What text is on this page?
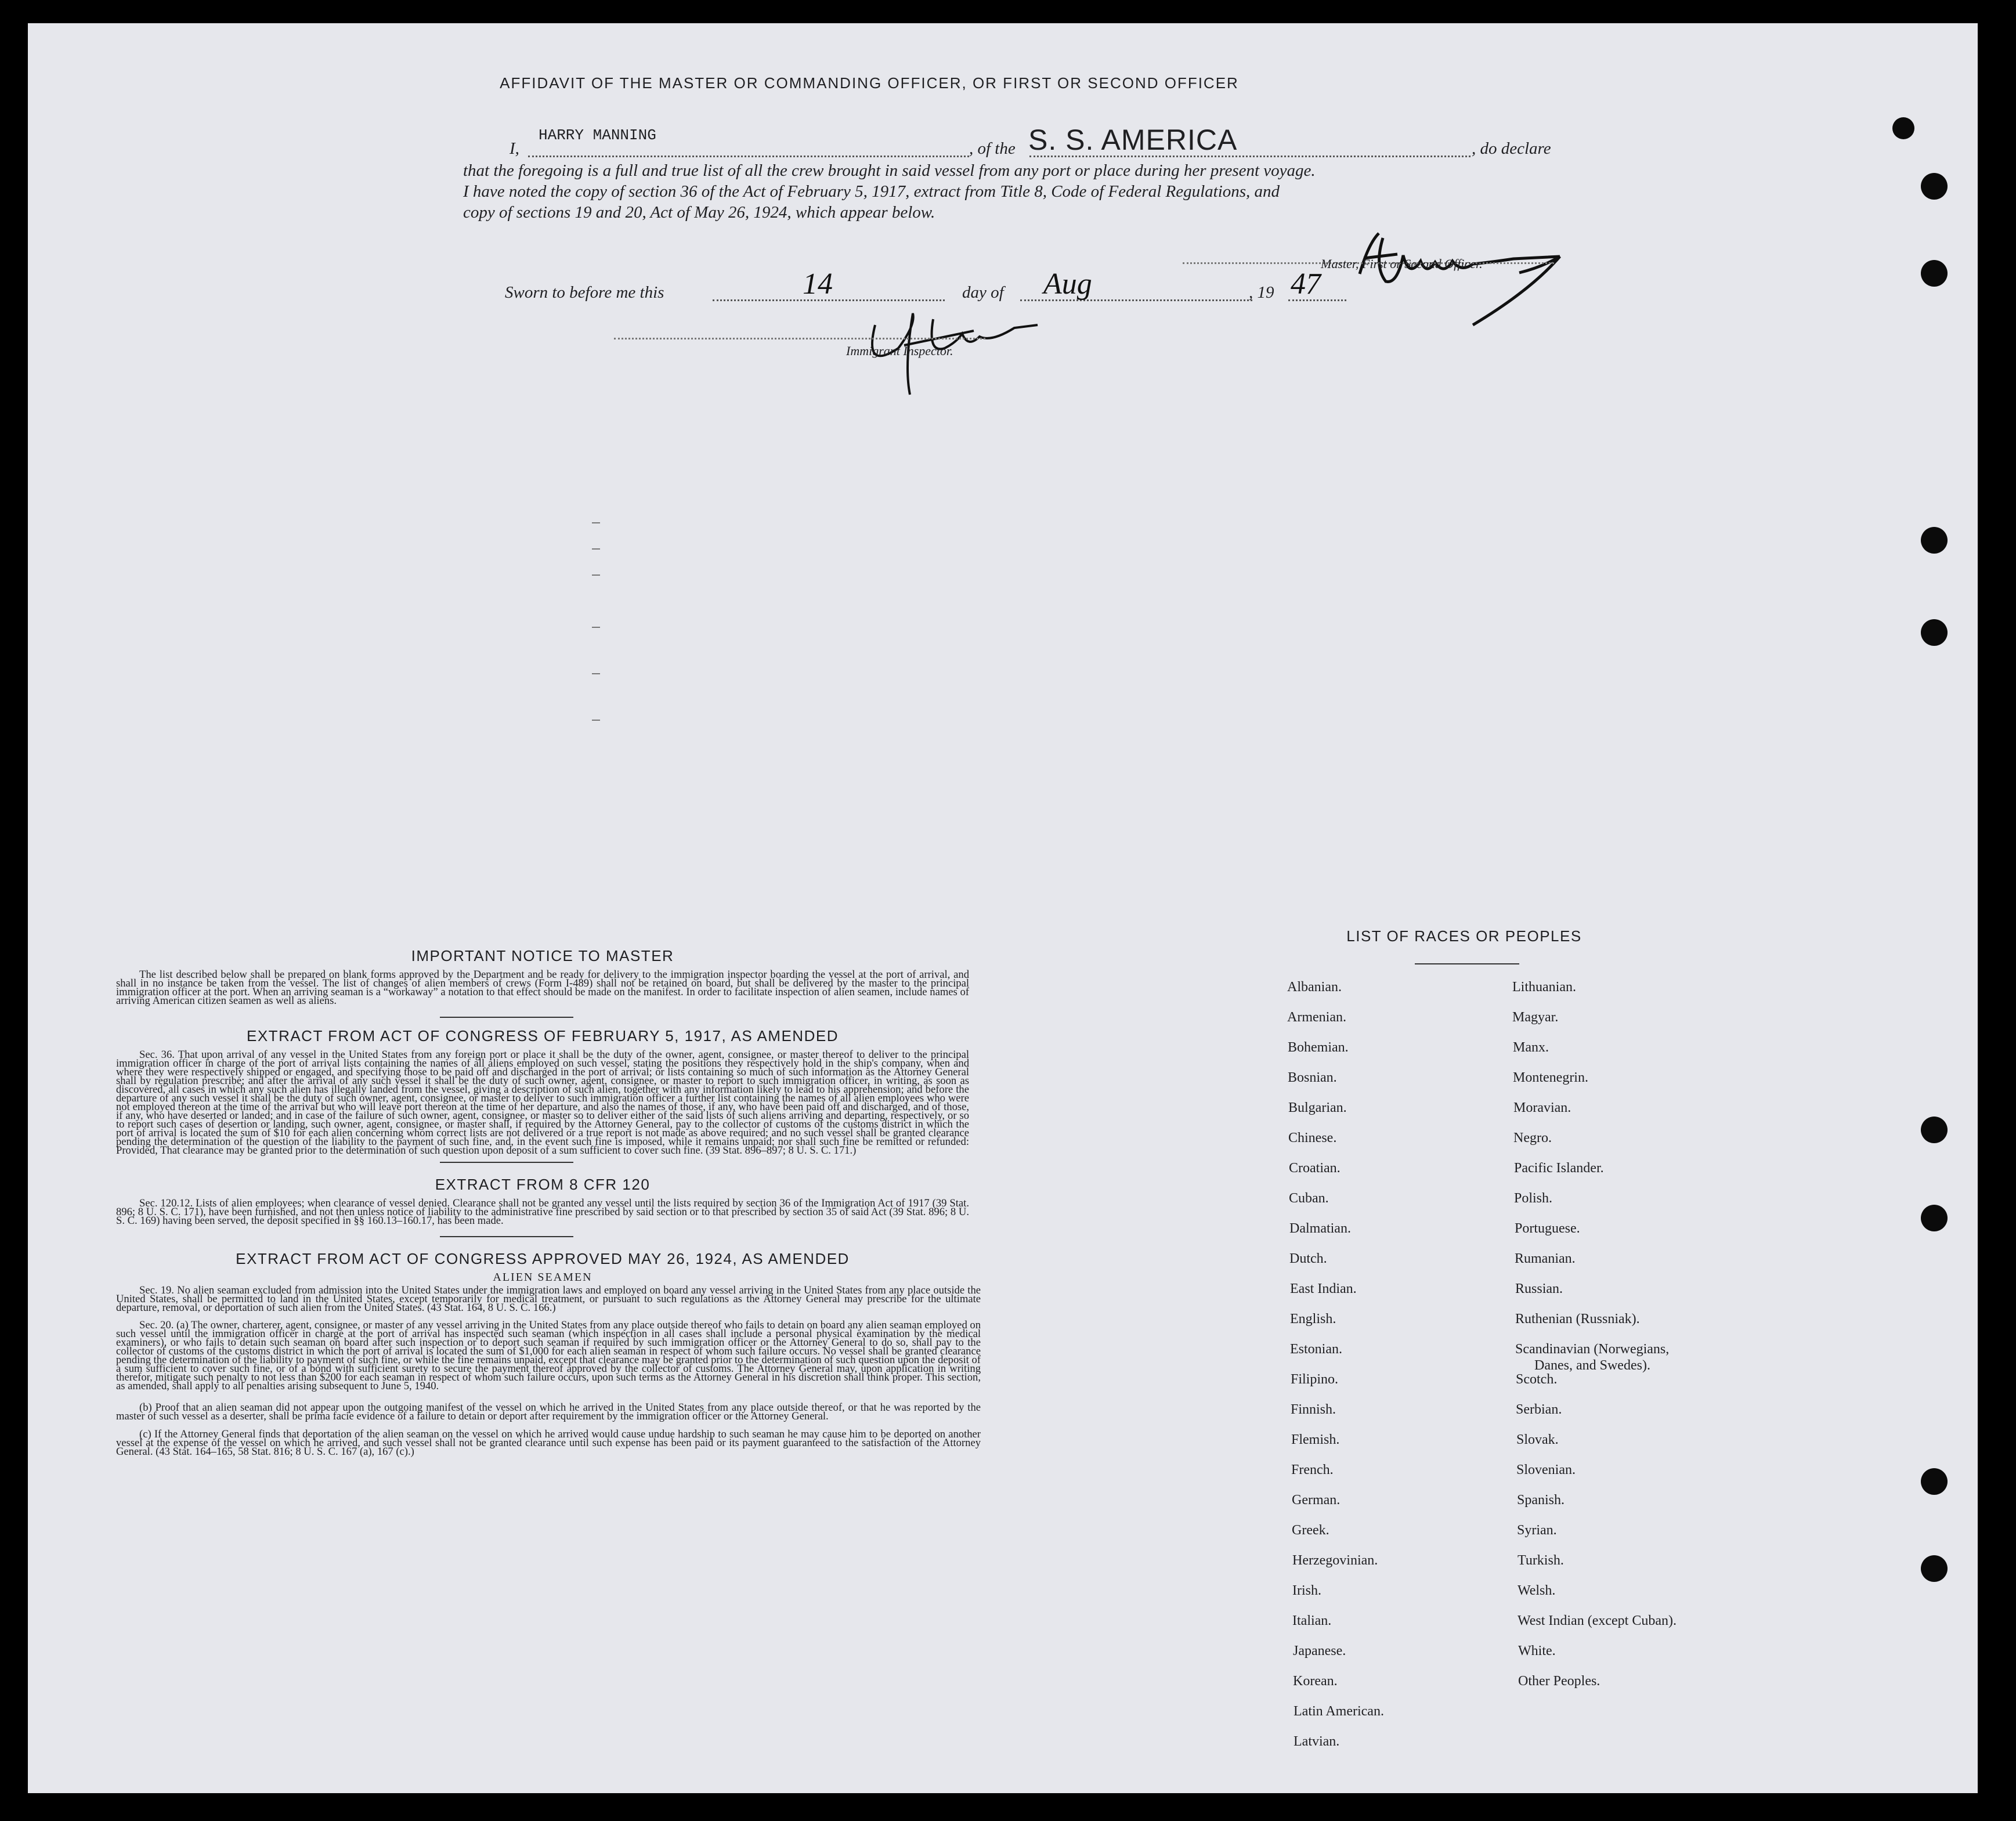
AFFIDAVIT OF THE MASTER OR COMMANDING OFFICER, OR FIRST OR SECOND OFFICER
I,
HARRY MANNING
, of the S. S. AMERICA	, do declare
that the foregoing is a full and true list of all the crew brought in said vessel from any port or place during her present voyage.
I have noted the copy of section 36 of the Act of February 5, 1917, extract from Title 8, Code of Federal Regulations, and
copy of sections 19 and 20, Act of May 26, 1924, which appear below.
Master, First or Second Officer.
Sworn to before me this	14	day of Aug	, 19 47
Immigrant Inspector.
IMPORTANT NOTICE TO MASTER
The list described below shall be prepared on blank forms approved by the Department and be ready for delivery to the immigration inspector boarding the vessel at the port of arrival, and shall in no instance be taken from the vessel. The list of changes of alien members of crews (Form I-489) shall not be retained on board, but shall be delivered by the master to the principal immigration officer at the port. When an arriving seaman is a “workaway” a notation to that effect should be made on the manifest. In order to facilitate inspection of alien seamen, include names of arriving American citizen seamen as well as aliens.
EXTRACT FROM ACT OF CONGRESS OF FEBRUARY 5, 1917, AS AMENDED
Sec. 36. That upon arrival of any vessel in the United States from any foreign port or place it shall be the duty of the owner, agent, consignee, or master thereof to deliver to the principal immigration officer in charge of the port of arrival lists containing the names of all aliens employed on such vessel, stating the positions they respectively hold in the ship's company, when and where they were respectively shipped or engaged, and specifying those to be paid off and discharged in the port of arrival; or lists containing so much of such information as the Attorney General shall by regulation prescribe; and after the arrival of any such vessel it shall be the duty of such owner, agent, consignee, or master to report to such immigration officer, in writing, as soon as discovered, all cases in which any such alien has illegally landed from the vessel, giving a description of such alien, together with any information likely to lead to his apprehension; and before the departure of any such vessel it shall be the duty of such owner, agent, consignee, or master to deliver to such immigration officer a further list containing the names of all alien employees who were not employed thereon at the time of the arrival but who will leave port thereon at the time of her departure, and also the names of those, if any, who have been paid off and discharged, and of those, if any, who have deserted or landed; and in case of the failure of such owner, agent, consignee, or master so to deliver either of the said lists of such aliens arriving and departing, respectively, or so to report such cases of desertion or landing, such owner, agent, consignee, or master shall, if required by the Attorney General, pay to the collector of customs of the customs district in which the port of arrival is located the sum of $10 for each alien concerning whom correct lists are not delivered or a true report is not made as above required; and no such vessel shall be granted clearance pending the determination of the question of the liability to the payment of such fine, and, in the event such fine is imposed, while it remains unpaid; nor shall such fine be remitted or refunded: Provided, That clearance may be granted prior to the determination of such question upon deposit of a sum sufficient to cover such fine. (39 Stat. 896–897; 8 U. S. C. 171.)
EXTRACT FROM 8 CFR 120
Sec. 120.12. Lists of alien employees; when clearance of vessel denied. Clearance shall not be granted any vessel until the lists required by section 36 of the Immigration Act of 1917 (39 Stat. 896; 8 U. S. C. 171), have been furnished, and not then unless notice of liability to the administrative fine prescribed by said section or to that prescribed by section 35 of said Act (39 Stat. 896; 8 U. S. C. 169) having been served, the deposit specified in §§ 160.13–160.17, has been made.
EXTRACT FROM ACT OF CONGRESS APPROVED MAY 26, 1924, AS AMENDED
ALIEN SEAMEN
Sec. 19. No alien seaman excluded from admission into the United States under the immigration laws and employed on board any vessel arriving in the United States from any place outside the United States, shall be permitted to land in the United States, except temporarily for medical treatment, or pursuant to such regulations as the Attorney General may prescribe for the ultimate departure, removal, or deportation of such alien from the United States. (43 Stat. 164, 8 U. S. C. 166.)
Sec. 20. (a) The owner, charterer, agent, consignee, or master of any vessel arriving in the United States from any place outside thereof who fails to detain on board any alien seaman employed on such vessel until the immigration officer in charge at the port of arrival has inspected such seaman (which inspection in all cases shall include a personal physical examination by the medical examiners), or who fails to detain such seaman on board after such inspection or to deport such seaman if required by such immigration officer or the Attorney General to do so, shall pay to the collector of customs of the customs district in which the port of arrival is located the sum of $1,000 for each alien seaman in respect of whom such failure occurs. No vessel shall be granted clearance pending the determination of the liability to payment of such fine, or while the fine remains unpaid, except that clearance may be granted prior to the determination of such question upon the deposit of a sum sufficient to cover such fine, or of a bond with sufficient surety to secure the payment thereof approved by the collector of customs. The Attorney General may, upon application in writing therefor, mitigate such penalty to not less than $200 for each seaman in respect of whom such failure occurs, upon such terms as the Attorney General in his discretion shall think proper. This section, as amended, shall apply to all penalties arising subsequent to June 5, 1940.
(b) Proof that an alien seaman did not appear upon the outgoing manifest of the vessel on which he arrived in the United States from any place outside thereof, or that he was reported by the master of such vessel as a deserter, shall be prima facie evidence of a failure to detain or deport after requirement by the immigration officer or the Attorney General.
(c) If the Attorney General finds that deportation of the alien seaman on the vessel on which he arrived would cause undue hardship to such seaman he may cause him to be deported on another vessel at the expense of the vessel on which he arrived, and such vessel shall not be granted clearance until such expense has been paid or its payment guaranteed to the satisfaction of the Attorney General. (43 Stat. 164–165, 58 Stat. 816; 8 U. S. C. 167 (a), 167 (c).)
LIST OF RACES OR PEOPLES
Albanian.
Armenian.
Bohemian.
Bosnian.
Bulgarian.
Chinese.
Croatian.
Cuban.
Dalmatian.
Dutch.
East Indian.
English.
Estonian.
Filipino.
Finnish.
Flemish.
French.
German.
Greek.
Herzegovinian.
Irish.
Italian.
Japanese.
Korean.
Latin American.
Latvian.
Lithuanian.
Magyar.
Manx.
Montenegrin.
Moravian.
Negro.
Pacific Islander.
Polish.
Portuguese.
Rumanian.
Russian.
Ruthenian (Russniak).
Scandinavian (Norwegians,
Danes, and Swedes).
Scotch.
Serbian.
Slovak.
Slovenian.
Spanish.
Syrian.
Turkish.
Welsh.
West Indian (except Cuban).
White.
Other Peoples.
